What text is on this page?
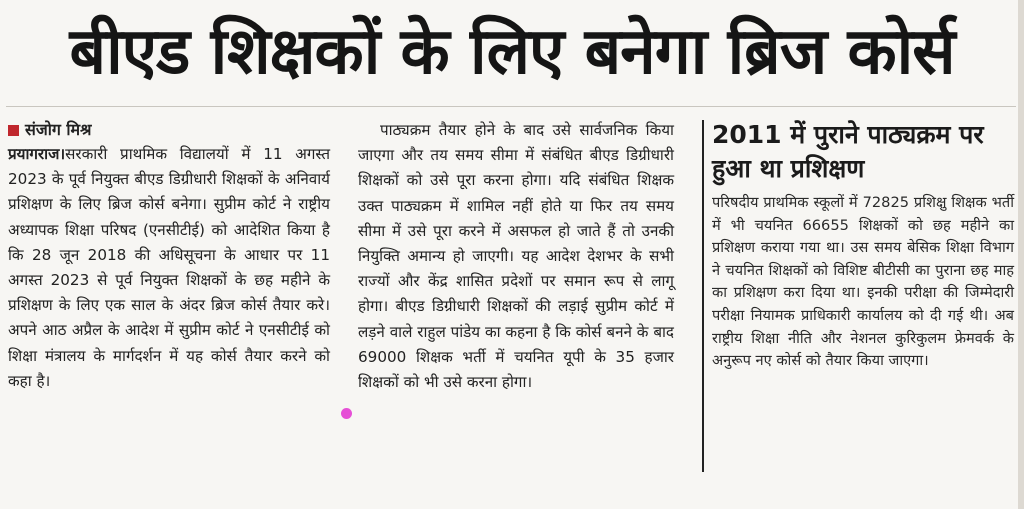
बीएड शिक्षकों के लिए बनेगा ब्रिज कोर्स
संजोग मिश्र

प्रयागराज।सरकारी प्राथमिक विद्यालयों में 11 अगस्त 2023 के पूर्व नियुक्त बीएड डिग्रीधारी शिक्षकों के अनिवार्य प्रशिक्षण के लिए ब्रिज कोर्स बनेगा। सुप्रीम कोर्ट ने राष्ट्रीय अध्यापक शिक्षा परिषद (एनसीटीई) को आदेशित किया है कि 28 जून 2018 की अधिसूचना के आधार पर 11 अगस्त 2023 से पूर्व नियुक्त शिक्षकों के छह महीने के प्रशिक्षण के लिए एक साल के अंदर ब्रिज कोर्स तैयार करे। अपने आठ अप्रैल के आदेश में सुप्रीम कोर्ट ने एनसीटीई को शिक्षा मंत्रालय के मार्गदर्शन में यह कोर्स तैयार करने को कहा है।

पाठ्यक्रम तैयार होने के बाद उसे सार्वजनिक किया जाएगा और तय समय सीमा में संबंधित बीएड डिग्रीधारी शिक्षकों को उसे पूरा करना होगा। यदि संबंधित शिक्षक उक्त पाठ्यक्रम में शामिल नहीं होते या फिर तय समय सीमा में उसे पूरा करने में असफल हो जाते हैं तो उनकी नियुक्ति अमान्य हो जाएगी। यह आदेश देशभर के सभी राज्यों और केंद्र शासित प्रदेशों पर समान रूप से लागू होगा। बीएड डिग्रीधारी शिक्षकों की लड़ाई सुप्रीम कोर्ट में लड़ने वाले राहुल पांडेय का कहना है कि कोर्स बनने के बाद 69000 शिक्षक भर्ती में चयनित यूपी के 35 हजार शिक्षकों को भी उसे करना होगा।

2011 में पुराने पाठ्यक्रम पर हुआ था प्रशिक्षण

परिषदीय प्राथमिक स्कूलों में 72825 प्रशिक्षु शिक्षक भर्ती में भी चयनित 66655 शिक्षकों को छह महीने का प्रशिक्षण कराया गया था। उस समय बेसिक शिक्षा विभाग ने चयनित शिक्षकों को विशिष्ट बीटीसी का पुराना छह माह का प्रशिक्षण करा दिया था। इनकी परीक्षा की जिम्मेदारी परीक्षा नियामक प्राधिकारी कार्यालय को दी गई थी। अब राष्ट्रीय शिक्षा नीति और नेशनल कुरिकुलम फ्रेमवर्क के अनुरूप नए कोर्स को तैयार किया जाएगा।
